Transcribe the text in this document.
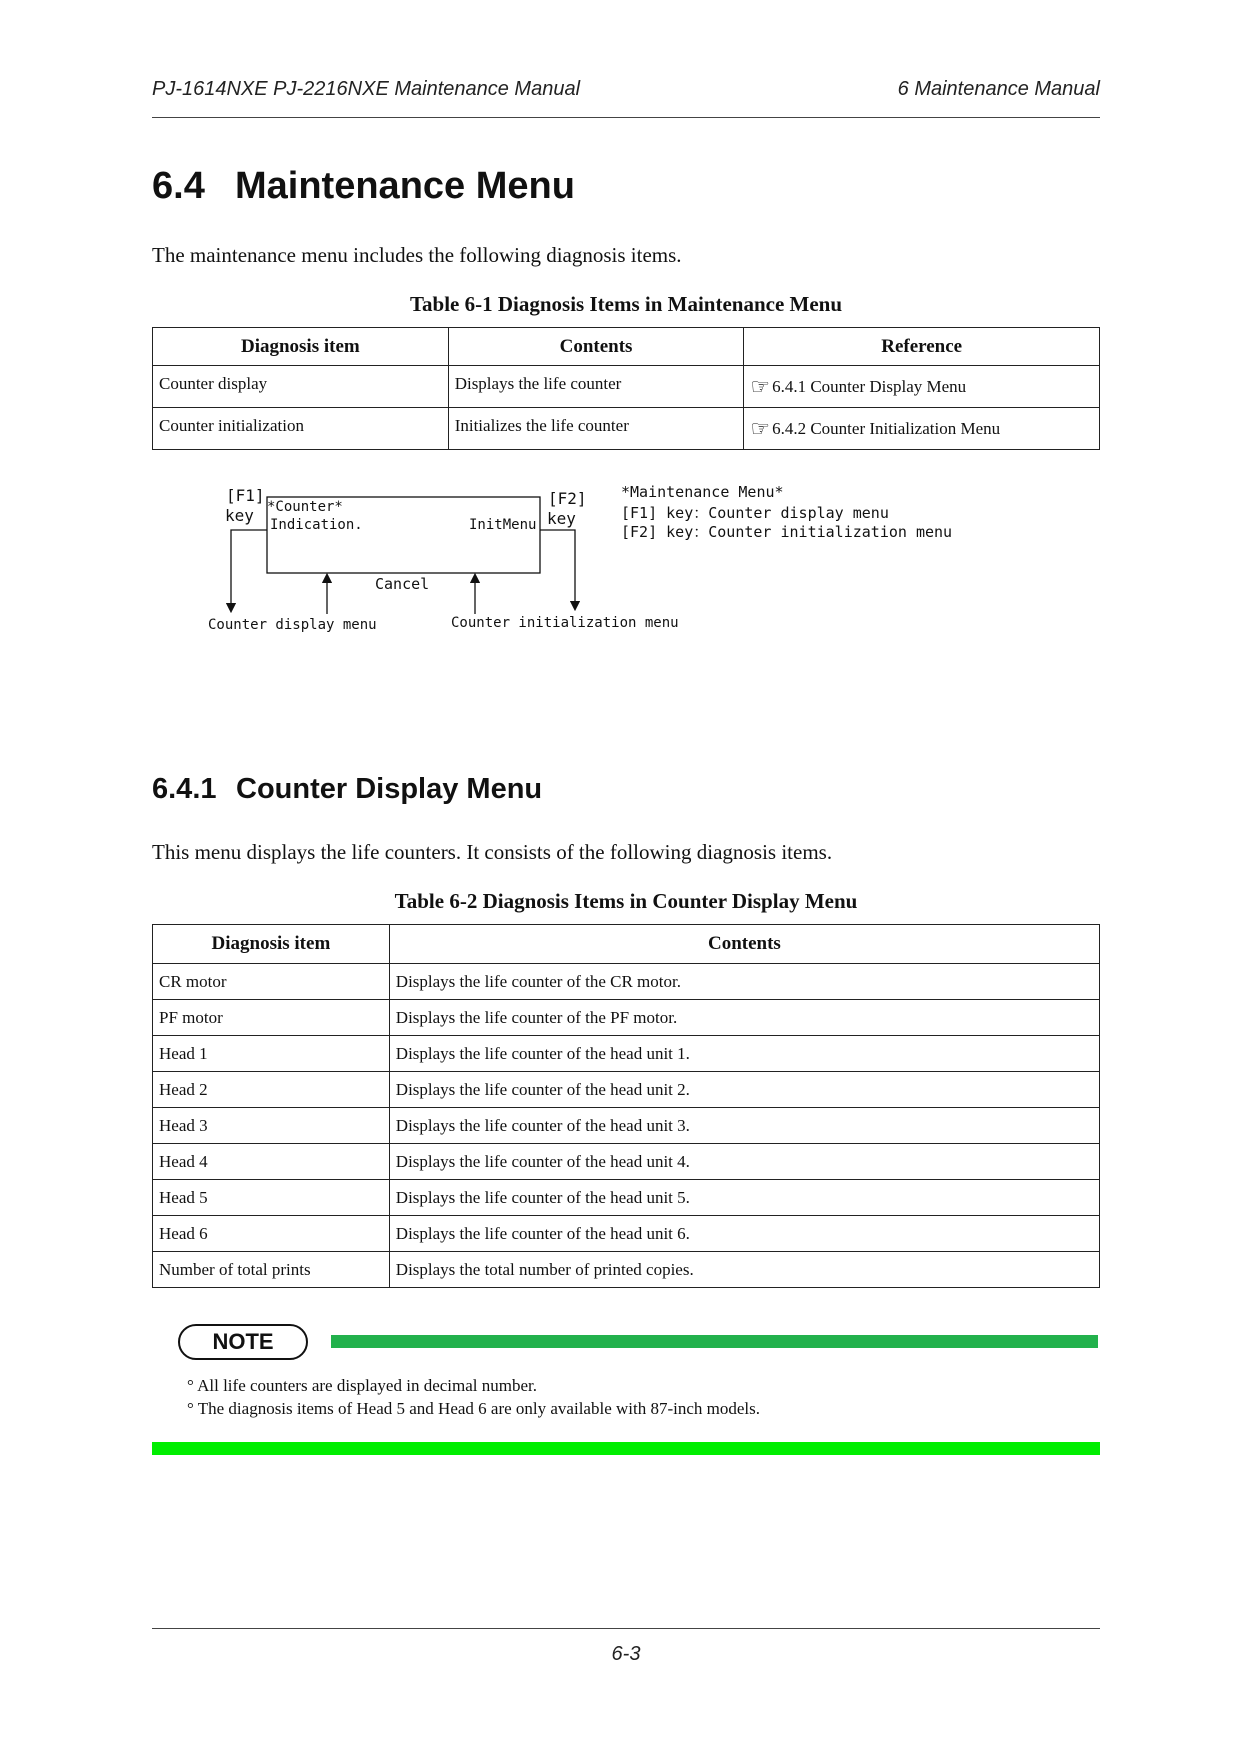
PJ-1614NXE PJ-2216NXE Maintenance Manual	6 Maintenance Manual
6.4 Maintenance Menu
The maintenance menu includes the following diagnosis items.
Table 6-1 Diagnosis Items in Maintenance Menu
Diagnosis item	Contents	Reference
Counter display	Displays the life counter	☞ 6.4.1 Counter Display Menu
Counter initialization	Initializes the life counter	☞ 6.4.2 Counter Initialization Menu
[F1]
key
[F2]
key
*Counter*
Indication.	InitMenu
Cancel
Counter display menu	Counter initialization menu
*Maintenance Menu*
[F1] key：Counter display menu
[F2] key：Counter initialization menu
6.4.1 Counter Display Menu
This menu displays the life counters. It consists of the following diagnosis items.
Table 6-2 Diagnosis Items in Counter Display Menu
Diagnosis item	Contents
CR motor	Displays the life counter of the CR motor.
PF motor	Displays the life counter of the PF motor.
Head 1	Displays the life counter of the head unit 1.
Head 2	Displays the life counter of the head unit 2.
Head 3	Displays the life counter of the head unit 3.
Head 4	Displays the life counter of the head unit 4.
Head 5	Displays the life counter of the head unit 5.
Head 6	Displays the life counter of the head unit 6.
Number of total prints	Displays the total number of printed copies.
NOTE
° All life counters are displayed in decimal number.
° The diagnosis items of Head 5 and Head 6 are only available with 87-inch models.
6-3
